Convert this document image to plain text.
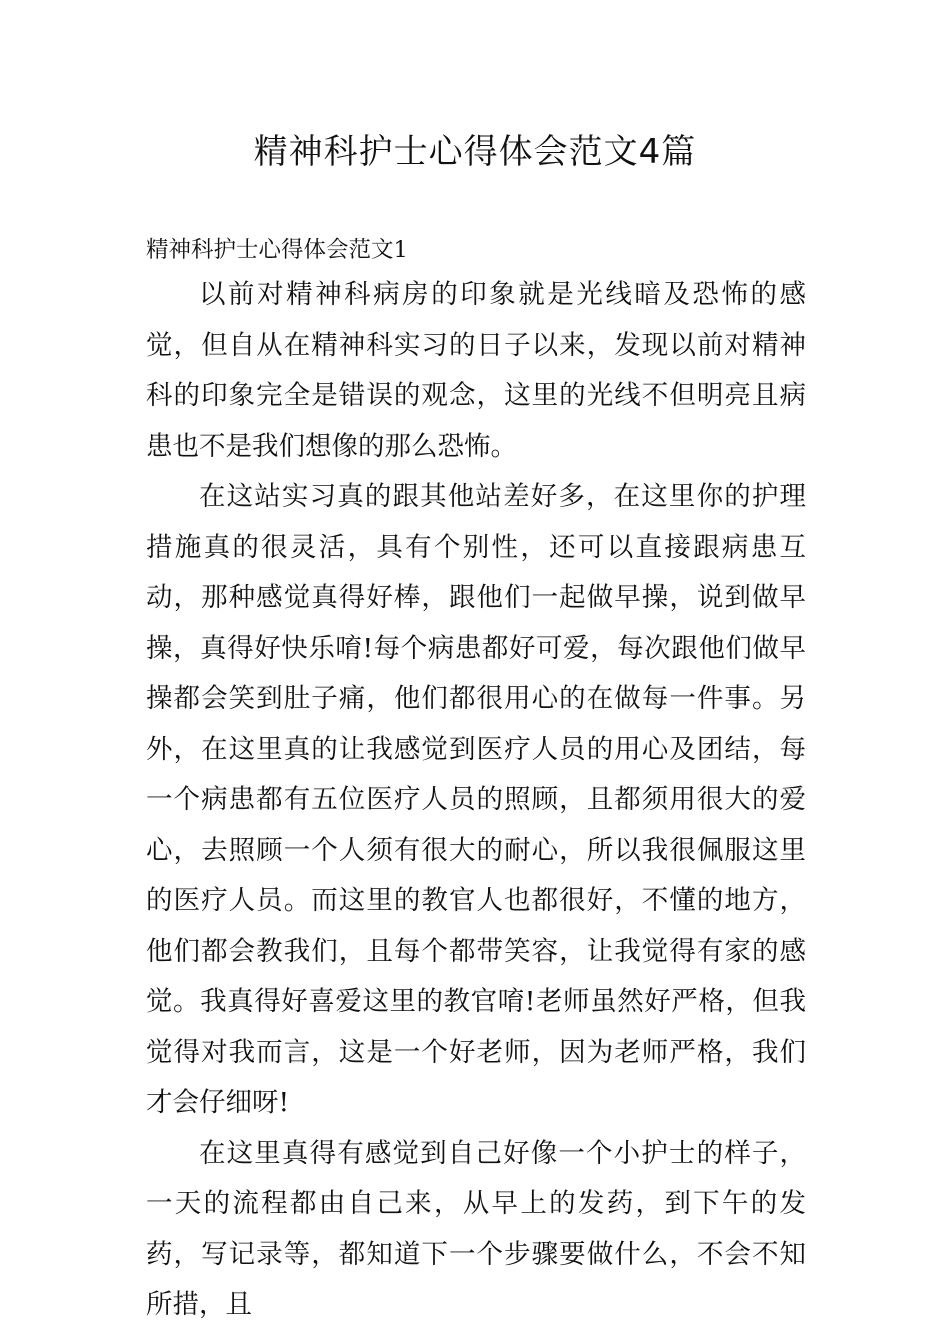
精神科护士心得体会范文4篇
精神科护士心得体会范文1

以前对精神科病房的印象就是光线暗及恐怖的感觉，但自从在精神科实习的日子以来，发现以前对精神科的印象完全是错误的观念，这里的光线不但明亮且病患也不是我们想像的那么恐怖。

在这站实习真的跟其他站差好多，在这里你的护理措施真的很灵活，具有个别性，还可以直接跟病患互动，那种感觉真得好棒，跟他们一起做早操，说到做早操，真得好快乐唷!每个病患都好可爱，每次跟他们做早操都会笑到肚子痛，他们都很用心的在做每一件事。另外，在这里真的让我感觉到医疗人员的用心及团结，每一个病患都有五位医疗人员的照顾，且都须用很大的爱心，去照顾一个人须有很大的耐心，所以我很佩服这里的医疗人员。而这里的教官人也都很好，不懂的地方，他们都会教我们，且每个都带笑容，让我觉得有家的感觉。我真得好喜爱这里的教官唷!老师虽然好严格，但我觉得对我而言，这是一个好老师，因为老师严格，我们才会仔细呀!

在这里真得有感觉到自己好像一个小护士的样子，一天的流程都由自己来，从早上的发药，到下午的发药，写记录等，都知道下一个步骤要做什么，不会不知所措，且
